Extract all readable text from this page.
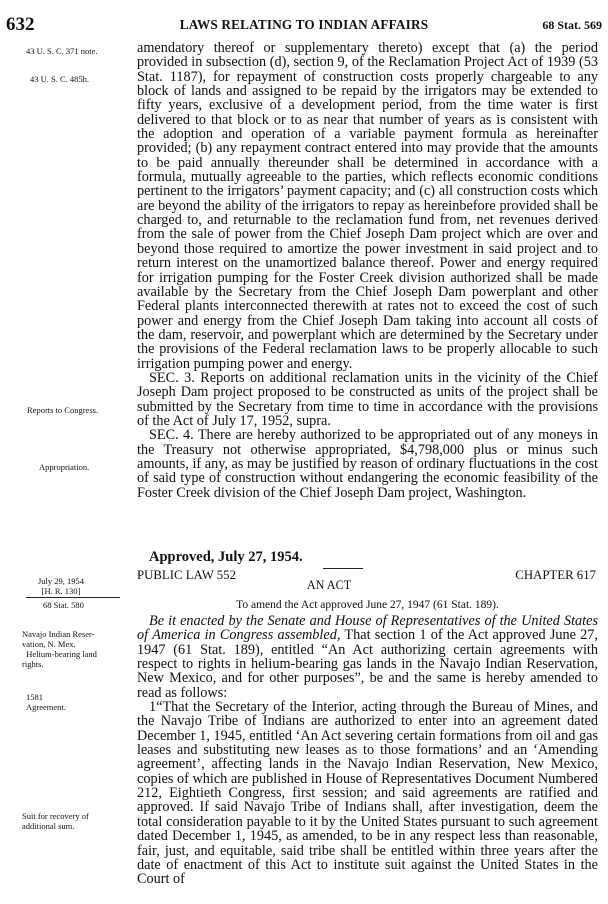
632	LAWS RELATING TO INDIAN AFFAIRS	68 Stat. 569
43 U. S. C. 371 note.
43 U. S. C. 485h.
Reports to Congress.
Appropriation.
July 29, 1954
[H. R. 130]
68 Stat. 580
Navajo Indian Reser-
vation, N. Mex.
Helium-bearing land
rights.
1581
Agreement.
Suit for recovery of
additional sum.

amendatory thereof or supplementary thereto) except that (a) the period provided in subsection (d), section 9, of the Reclamation Project Act of 1939 (53 Stat. 1187), for repayment of construction costs properly chargeable to any block of lands and assigned to be repaid by the irrigators may be extended to fifty years, exclusive of a development period, from the time water is first delivered to that block or to as near that number of years as is consistent with the adoption and operation of a variable payment formula as hereinafter provided; (b) any repayment contract entered into may provide that the amounts to be paid annually thereunder shall be determined in accordance with a formula, mutually agreeable to the parties, which reflects economic conditions pertinent to the irrigators’ payment capacity; and (c) all construction costs which are beyond the ability of the irrigators to repay as hereinbefore provided shall be charged to, and returnable to the reclamation fund from, net revenues derived from the sale of power from the Chief Joseph Dam project which are over and beyond those required to amortize the power investment in said project and to return interest on the unamortized balance thereof. Power and energy required for irrigation pumping for the Foster Creek division authorized shall be made available by the Secretary from the Chief Joseph Dam powerplant and other Federal plants interconnected therewith at rates not to exceed the cost of such power and energy from the Chief Joseph Dam taking into account all costs of the dam, reservoir, and powerplant which are determined by the Secretary under the provisions of the Federal reclamation laws to be properly allocable to such irrigation pumping power and energy.

SEC. 3. Reports on additional reclamation units in the vicinity of the Chief Joseph Dam project proposed to be constructed as units of the project shall be submitted by the Secretary from time to time in accordance with the provisions of the Act of July 17, 1952, supra.

SEC. 4. There are hereby authorized to be appropriated out of any moneys in the Treasury not otherwise appropriated, $4,798,000 plus or minus such amounts, if any, as may be justified by reason of ordinary fluctuations in the cost of said type of construction without endangering the economic feasibility of the Foster Creek division of the Chief Joseph Dam project, Washington.

Approved, July 27, 1954.
PUBLIC LAW 552	CHAPTER 617
AN ACT
To amend the Act approved June 27, 1947 (61 Stat. 189).

Be it enacted by the Senate and House of Representatives of the United States of America in Congress assembled, That section 1 of the Act approved June 27, 1947 (61 Stat. 189), entitled “An Act authorizing certain agreements with respect to rights in helium-bearing gas lands in the Navajo Indian Reservation, New Mexico, and for other purposes”, be and the same is hereby amended to read as follows:

1“That the Secretary of the Interior, acting through the Bureau of Mines, and the Navajo Tribe of Indians are authorized to enter into an agreement dated December 1, 1945, entitled ‘An Act severing certain formations from oil and gas leases and substituting new leases as to those formations’ and an ‘Amending agreement’, affecting lands in the Navajo Indian Reservation, New Mexico, copies of which are published in House of Representatives Document Numbered 212, Eightieth Congress, first session; and said agreements are ratified and approved. If said Navajo Tribe of Indians shall, after investigation, deem the total consideration payable to it by the United States pursuant to such agreement dated December 1, 1945, as amended, to be in any respect less than reasonable, fair, just, and equitable, said tribe shall be entitled within three years after the date of enactment of this Act to institute suit against the United States in the Court of
